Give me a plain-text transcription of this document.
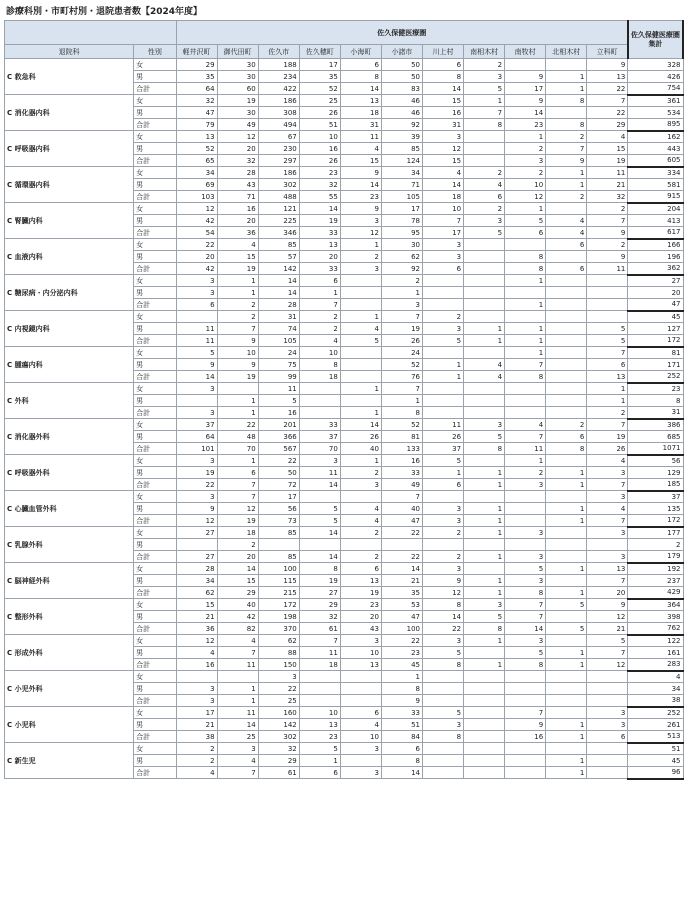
診療科別・市町村別・退院患者数【2024年度】
		佐久保健医療圏											佐久保健医療圏 集計
退院科	性別	軽井沢町	御代田町	佐久市	佐久穂町	小海町	小諸市	川上村	南相木村	南牧村	北相木村	立科町	
C 救急科	女	29	30	188	17	6	50	6	2			9	328
	男	35	30	234	35	8	50	8	3	9	1	13	426
	合計	64	60	422	52	14	83	14	5	17	1	22	754
C 消化器内科	女	32	19	186	25	13	46	15	1	9	8	7	361
	男	47	30	308	26	18	46	16	7	14		22	534
	合計	79	49	494	51	31	92	31	8	23	8	29	895
C 呼吸器内科	女	13	12	67	10	11	39	3		1	2	4	162
	男	52	20	230	16	4	85	12		2	7	15	443
	合計	65	32	297	26	15	124	15		3	9	19	605
C 循環器内科	女	34	28	186	23	9	34	4	2	2	1	11	334
	男	69	43	302	32	14	71	14	4	10	1	21	581
	合計	103	71	488	55	23	105	18	6	12	2	32	915
C 腎臓内科	女	12	16	121	14	9	17	10	2	1		2	204
	男	42	20	225	19	3	78	7	3	5	4	7	413
	合計	54	36	346	33	12	95	17	5	6	4	9	617
C 血液内科	女	22	4	85	13	1	30	3			6	2	166
	男	20	15	57	20	2	62	3		8		9	196
	合計	42	19	142	33	3	92	6		8	6	11	362
C 糖尿病・内分泌内科	女	3	1	14	6		2			1			27
	男	3	1	14	1		1						20
	合計	6	2	28	7		3			1			47
C 内視鏡内科	女		2	31	2	1	7	2					45
	男	11	7	74	2	4	19	3	1	1		5	127
	合計	11	9	105	4	5	26	5	1	1		5	172
C 腫瘍内科	女	5	10	24	10		24			1		7	81
	男	9	9	75	8		52	1	4	7		6	171
	合計	14	19	99	18		76	1	4	8		13	252
C 外科	女	3		11		1	7					1	23
	男		1	5			1					1	8
	合計	3	1	16		1	8					2	31
C 消化器外科	女	37	22	201	33	14	52	11	3	4	2	7	386
	男	64	48	366	37	26	81	26	5	7	6	19	685
	合計	101	70	567	70	40	133	37	8	11	8	26	1071
C 呼吸器外科	女	3	1	22	3	1	16	5		1		4	56
	男	19	6	50	11	2	33	1	1	2	1	3	129
	合計	22	7	72	14	3	49	6	1	3	1	7	185
C 心臓血管外科	女	3	7	17			7					3	37
	男	9	12	56	5	4	40	3	1		1	4	135
	合計	12	19	73	5	4	47	3	1		1	7	172
C 乳腺外科	女	27	18	85	14	2	22	2	1	3		3	177
	男		2										2
	合計	27	20	85	14	2	22	2	1	3		3	179
C 脳神経外科	女	28	14	100	8	6	14	3		5	1	13	192
	男	34	15	115	19	13	21	9	1	3		7	237
	合計	62	29	215	27	19	35	12	1	8	1	20	429
C 整形外科	女	15	40	172	29	23	53	8	3	7	5	9	364
	男	21	42	198	32	20	47	14	5	7		12	398
	合計	36	82	370	61	43	100	22	8	14	5	21	762
C 形成外科	女	12	4	62	7	3	22	3	1	3		5	122
	男	4	7	88	11	10	23	5		5	1	7	161
	合計	16	11	150	18	13	45	8	1	8	1	12	283
C 小児外科	女			3			1						4
	男	3	1	22			8						34
	合計	3	1	25			9						38
C 小児科	女	17	11	160	10	6	33	5		7		3	252
	男	21	14	142	13	4	51	3		9	1	3	261
	合計	38	25	302	23	10	84	8		16	1	6	513
C 新生児	女	2	3	32	5	3	6						51
	男	2	4	29	1		8				1		45
	合計	4	7	61	6	3	14				1		96
